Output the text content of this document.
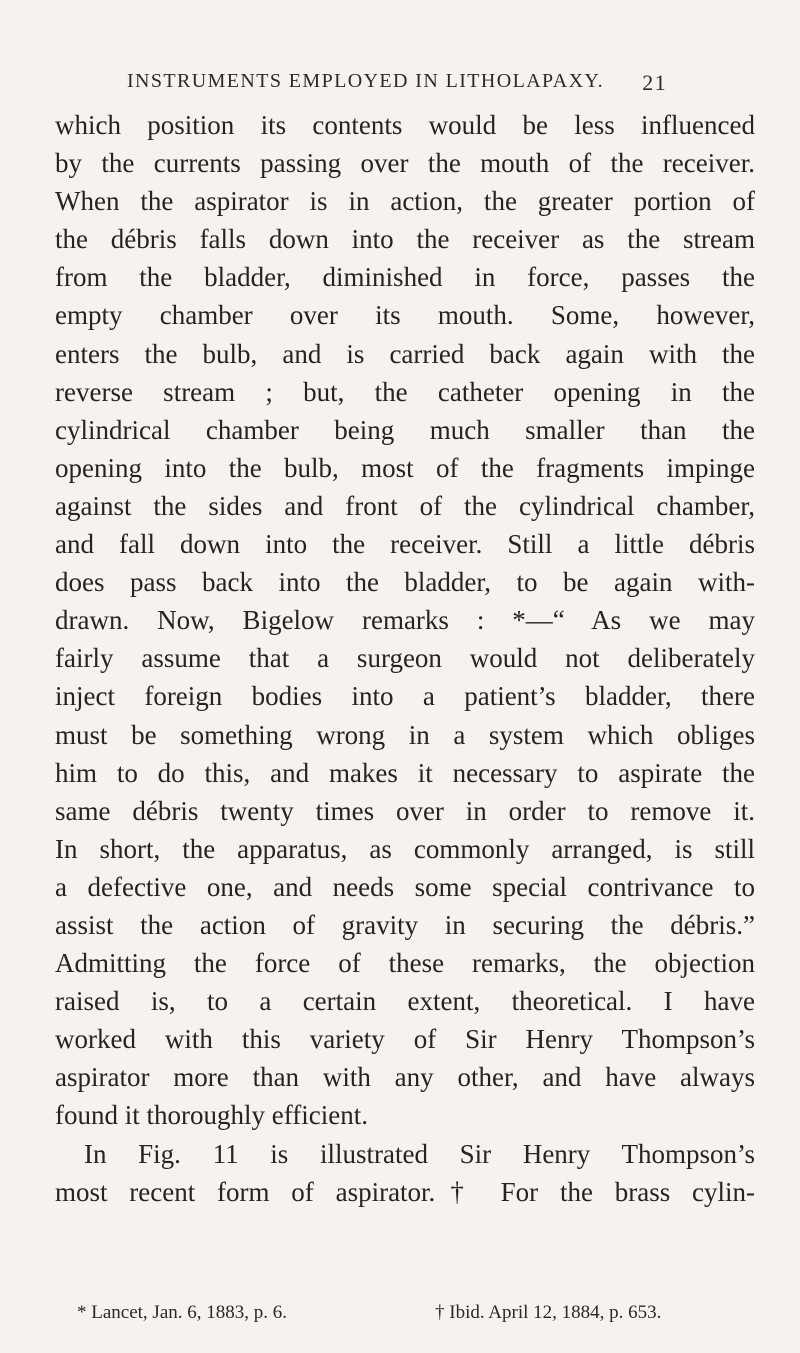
INSTRUMENTS EMPLOYED IN LITHOLAPAXY. 21
which position its contents would be less influenced
by the currents passing over the mouth of the receiver.
When the aspirator is in action, the greater portion of
the débris falls down into the receiver as the stream
from the bladder, diminished in force, passes the
empty chamber over its mouth. Some, however,
enters the bulb, and is carried back again with the
reverse stream ; but, the catheter opening in the
cylindrical chamber being much smaller than the
opening into the bulb, most of the fragments impinge
against the sides and front of the cylindrical chamber,
and fall down into the receiver. Still a little débris
does pass back into the bladder, to be again with-
drawn. Now, Bigelow remarks : *—“ As we may
fairly assume that a surgeon would not deliberately
inject foreign bodies into a patient’s bladder, there
must be something wrong in a system which obliges
him to do this, and makes it necessary to aspirate the
same débris twenty times over in order to remove it.
In short, the apparatus, as commonly arranged, is still
a defective one, and needs some special contrivance to
assist the action of gravity in securing the débris.”
Admitting the force of these remarks, the objection
raised is, to a certain extent, theoretical. I have
worked with this variety of Sir Henry Thompson’s
aspirator more than with any other, and have always
found it thoroughly efficient.
In Fig. 11 is illustrated Sir Henry Thompson’s
most recent form of aspirator.† For the brass cylin-
* Lancet, Jan. 6, 1883, p. 6.	† Ibid. April 12, 1884, p. 653.
